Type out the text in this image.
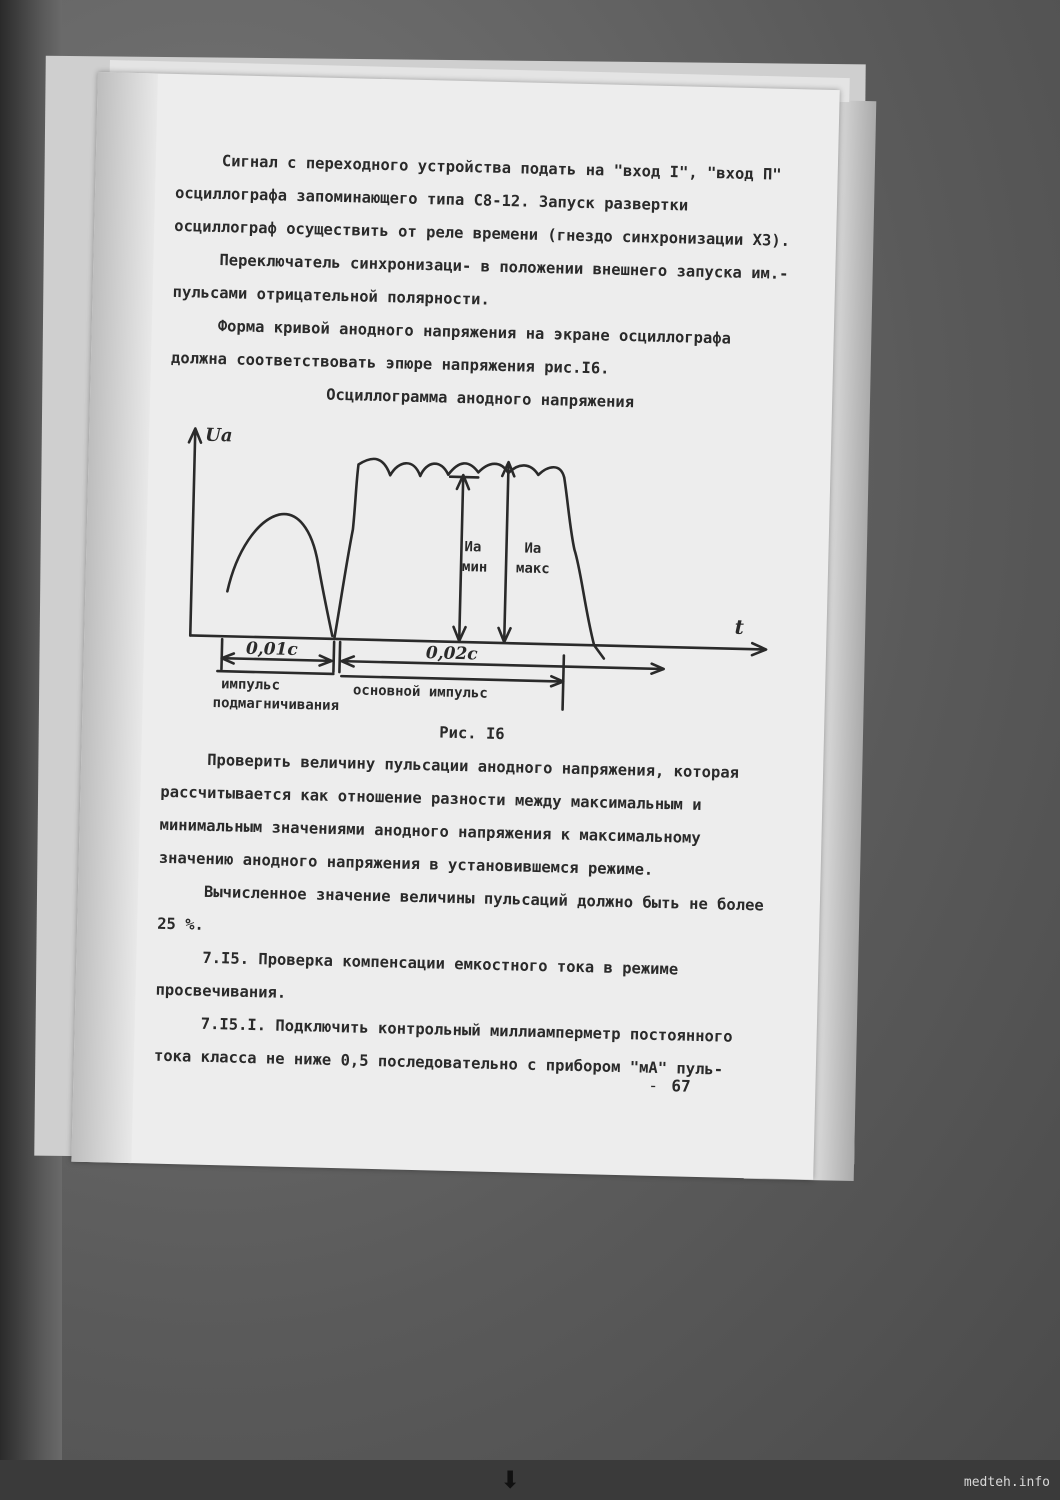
Сигнал с переходного устройства подать на "вход I", "вход П" осциллографа запоминающего типа С8-12. Запуск развертки осциллограф осуществить от реле времени (гнездо синхронизации Х3).

Переключатель синхронизаци- в положении внешнего запуска им.- пульсами отрицательной полярности.

Форма кривой анодного напряжения на экране осциллографа должна соответствовать эпюре напряжения рис.I6.

Осциллограмма анодного напряжения

Uа
t
Иа
мин
Иа
макс
0,01с	0,02с
импульс
подмагничивания
основной импульс

Рис. I6

Проверить величину пульсации анодного напряжения, которая рассчитывается как отношение разности между максимальным и минимальным значениями анодного напряжения к максимальному значению анодного напряжения в установившемся режиме.

Вычисленное значение величины пульсаций должно быть не более 25 %.

7.I5. Проверка компенсации емкостного тока в режиме просвечивания.

7.I5.I. Подключить контрольный миллиамперметр постоянного тока класса не ниже 0,5 последовательно с прибором "мА" пуль-

- 67
⬇	medteh.info
